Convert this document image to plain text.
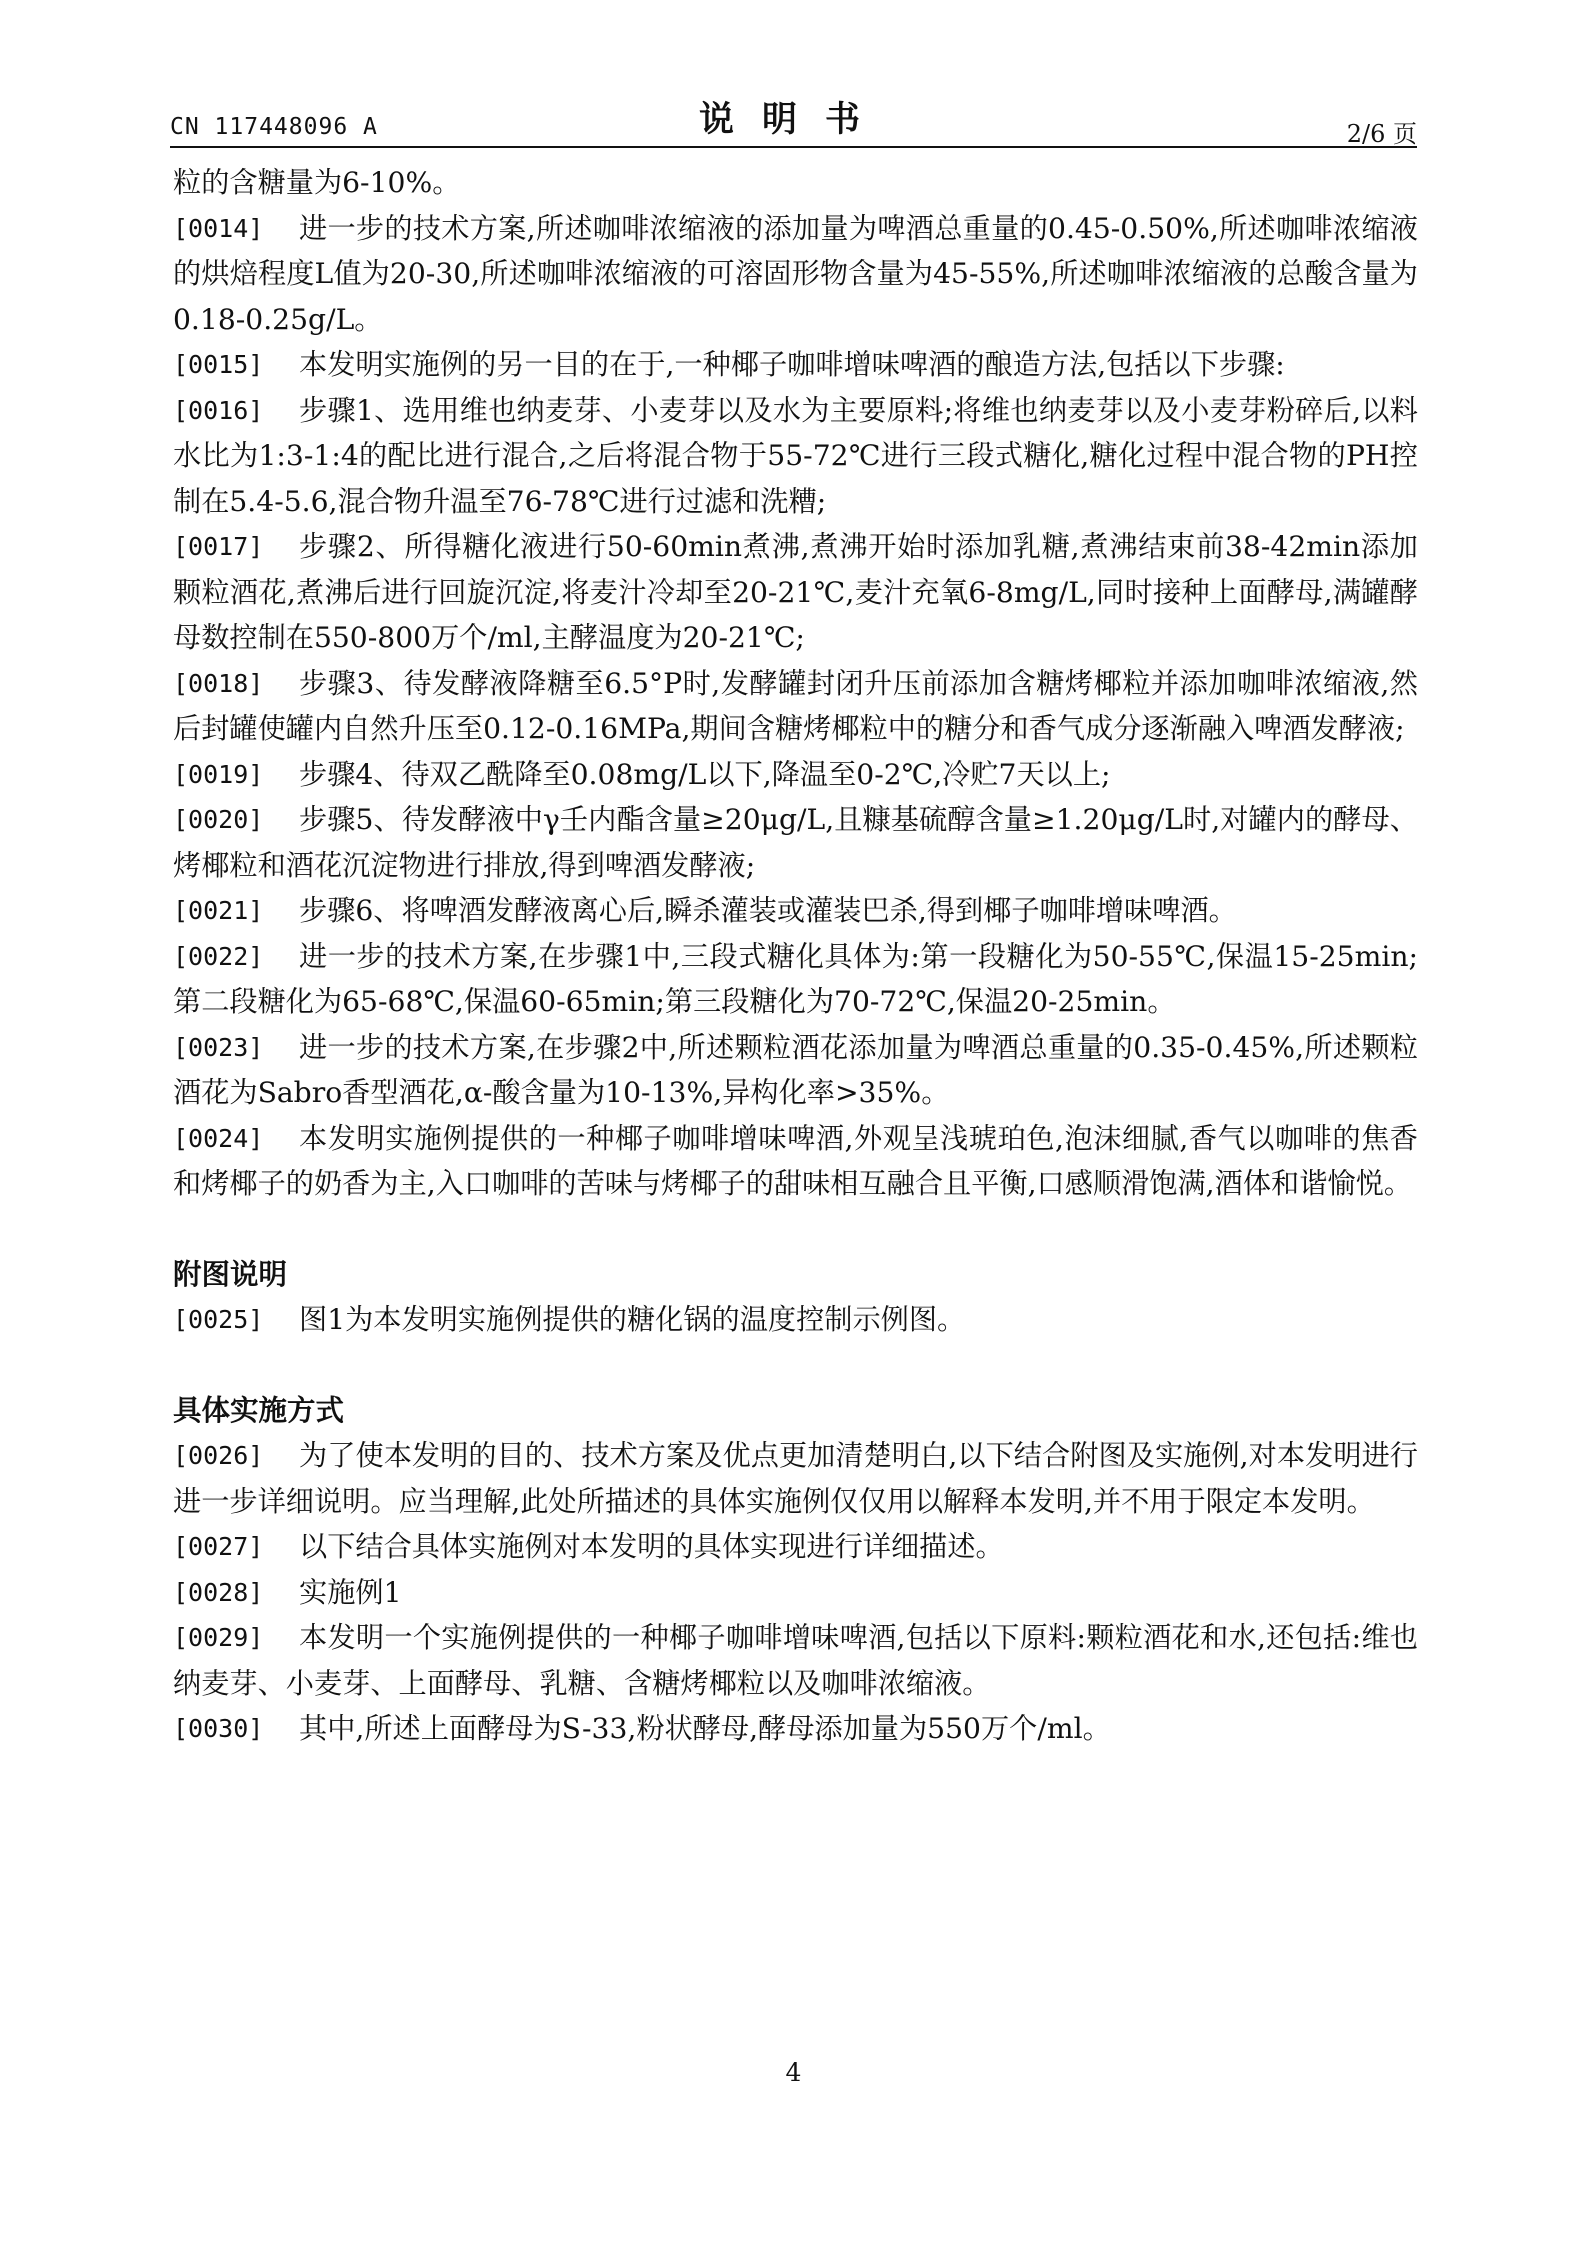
CN 117448096 A	说明书	2/6 页

粒的含糖量为6-10%。

[0014]	进一步的技术方案,所述咖啡浓缩液的添加量为啤酒总重量的0.45-0.50%,所述咖啡浓缩液的烘焙程度L值为20-30,所述咖啡浓缩液的可溶固形物含量为45-55%,所述咖啡浓缩液的总酸含量为0.18-0.25g/L。

[0015]	本发明实施例的另一目的在于,一种椰子咖啡增味啤酒的酿造方法,包括以下步骤:

[0016]	步骤1、选用维也纳麦芽、小麦芽以及水为主要原料;将维也纳麦芽以及小麦芽粉碎后,以料水比为1:3-1:4的配比进行混合,之后将混合物于55-72℃进行三段式糖化,糖化过程中混合物的PH控制在5.4-5.6,混合物升温至76-78℃进行过滤和洗糟;

[0017]	步骤2、所得糖化液进行50-60min煮沸,煮沸开始时添加乳糖,煮沸结束前38-42min添加颗粒酒花,煮沸后进行回旋沉淀,将麦汁冷却至20-21℃,麦汁充氧6-8mg/L,同时接种上面酵母,满罐酵母数控制在550-800万个/ml,主酵温度为20-21℃;

[0018]	步骤3、待发酵液降糖至6.5°P时,发酵罐封闭升压前添加含糖烤椰粒并添加咖啡浓缩液,然后封罐使罐内自然升压至0.12-0.16MPa,期间含糖烤椰粒中的糖分和香气成分逐渐融入啤酒发酵液;

[0019]	步骤4、待双乙酰降至0.08mg/L以下,降温至0-2℃,冷贮7天以上;

[0020]	步骤5、待发酵液中γ壬内酯含量≥20μg/L,且糠基硫醇含量≥1.20μg/L时,对罐内的酵母、烤椰粒和酒花沉淀物进行排放,得到啤酒发酵液;

[0021]	步骤6、将啤酒发酵液离心后,瞬杀灌装或灌装巴杀,得到椰子咖啡增味啤酒。

[0022]	进一步的技术方案,在步骤1中,三段式糖化具体为:第一段糖化为50-55℃,保温15-25min;第二段糖化为65-68℃,保温60-65min;第三段糖化为70-72℃,保温20-25min。

[0023]	进一步的技术方案,在步骤2中,所述颗粒酒花添加量为啤酒总重量的0.35-0.45%,所述颗粒酒花为Sabro香型酒花,α-酸含量为10-13%,异构化率>35%。

[0024]	本发明实施例提供的一种椰子咖啡增味啤酒,外观呈浅琥珀色,泡沫细腻,香气以咖啡的焦香和烤椰子的奶香为主,入口咖啡的苦味与烤椰子的甜味相互融合且平衡,口感顺滑饱满,酒体和谐愉悦。

附图说明

[0025]	图1为本发明实施例提供的糖化锅的温度控制示例图。

具体实施方式

[0026]	为了使本发明的目的、技术方案及优点更加清楚明白,以下结合附图及实施例,对本发明进行进一步详细说明。应当理解,此处所描述的具体实施例仅仅用以解释本发明,并不用于限定本发明。

[0027]	以下结合具体实施例对本发明的具体实现进行详细描述。

[0028]	实施例1

[0029]	本发明一个实施例提供的一种椰子咖啡增味啤酒,包括以下原料:颗粒酒花和水,还包括:维也纳麦芽、小麦芽、上面酵母、乳糖、含糖烤椰粒以及咖啡浓缩液。

[0030]	其中,所述上面酵母为S-33,粉状酵母,酵母添加量为550万个/ml。

4
